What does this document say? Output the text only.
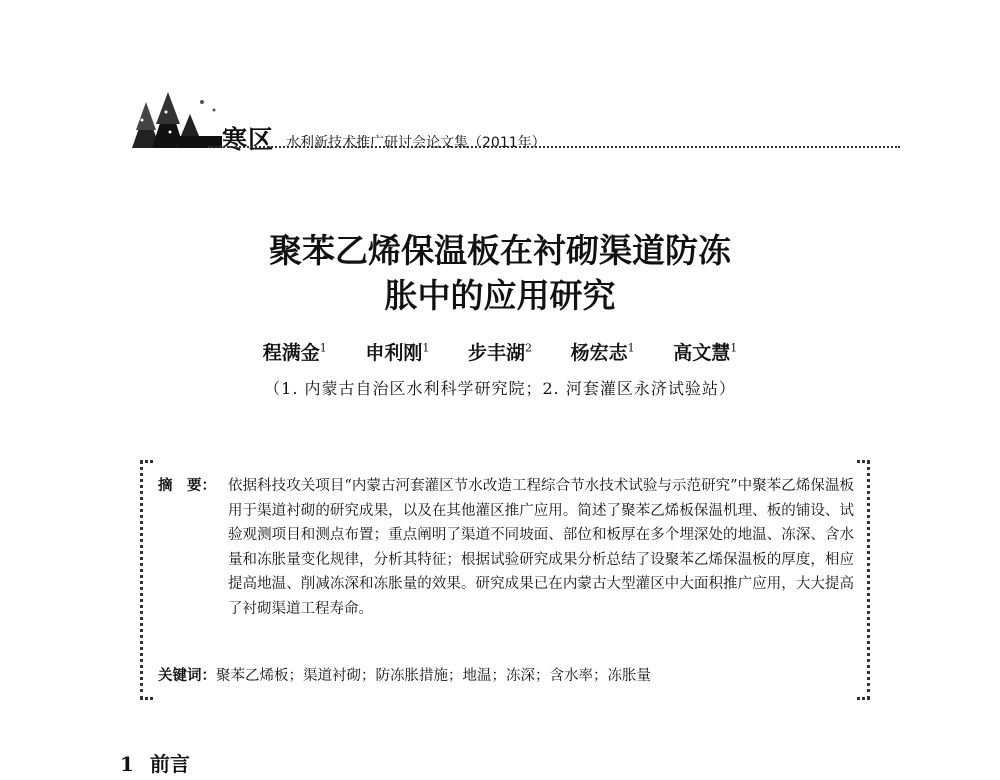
寒区 水利新技术推广研讨会论文集（2011年）
聚苯乙烯保温板在衬砌渠道防冻
胀中的应用研究
程满金$^1$ 申利刚$^1$ 步丰湖$^2$ 杨宏志$^1$ 高文慧$^1$
（1. 内蒙古自治区水利科学研究院；2. 河套灌区永济试验站）
摘　要： 依据科技攻关项目“内蒙古河套灌区节水改造工程综合节水技术试验与示范研究”中聚苯乙烯保温板用于渠道衬砌的研究成果，以及在其他灌区推广应用。简述了聚苯乙烯板保温机理、板的铺设、试验观测项目和测点布置；重点阐明了渠道不同坡面、部位和板厚在多个埋深处的地温、冻深、含水量和冻胀量变化规律，分析其特征；根据试验研究成果分析总结了设聚苯乙烯保温板的厚度，相应提高地温、削减冻深和冻胀量的效果。研究成果已在内蒙古大型灌区中大面积推广应用，大大提高了衬砌渠道工程寿命。
关键词：聚苯乙烯板；渠道衬砌；防冻胀措施；地温；冻深；含水率；冻胀量
1 前言
